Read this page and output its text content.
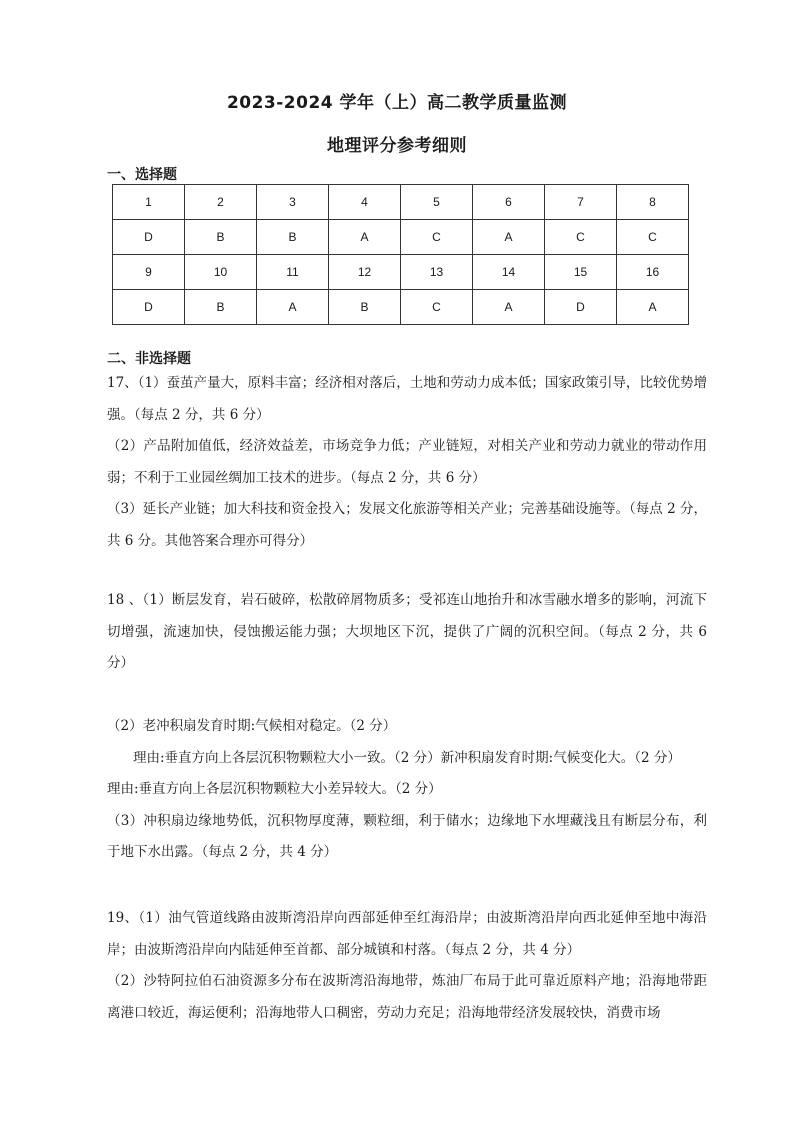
2023-2024 学年（上）高二教学质量监测
地理评分参考细则
一、选择题
1	2	3	4	5	6	7	8
D	B	B	A	C	A	C	C
9	10	11	12	13	14	15	16
D	B	A	B	C	A	D	A
二、非选择题

17、（1）蚕茧产量大，原料丰富；经济相对落后，土地和劳动力成本低；国家政策引导，比较优势增强。（每点 2 分，共 6 分）

（2）产品附加值低，经济效益差，市场竞争力低；产业链短，对相关产业和劳动力就业的带动作用弱；不利于工业园丝绸加工技术的进步。（每点 2 分，共 6 分）

（3）延长产业链；加大科技和资金投入；发展文化旅游等相关产业；完善基础设施等。（每点 2 分，共 6 分。其他答案合理亦可得分）

18 、（1）断层发育，岩石破碎，松散碎屑物质多；受祁连山地抬升和冰雪融水增多的影响，河流下切增强，流速加快，侵蚀搬运能力强；大坝地区下沉，提供了广阔的沉积空间。（每点 2 分，共 6 分）

（2）老冲积扇发育时期:气候相对稳定。（2 分）

理由:垂直方向上各层沉积物颗粒大小一致。（2 分）新冲积扇发育时期:气候变化大。（2 分）

理由:垂直方向上各层沉积物颗粒大小差异较大。（2 分）

（3）冲积扇边缘地势低，沉积物厚度薄，颗粒细，利于储水；边缘地下水埋藏浅且有断层分布，利于地下水出露。（每点 2 分，共 4 分）

19、（1）油气管道线路由波斯湾沿岸向西部延伸至红海沿岸；由波斯湾沿岸向西北延伸至地中海沿岸；由波斯湾沿岸向内陆延伸至首都、部分城镇和村落。（每点 2 分，共 4 分）

（2）沙特阿拉伯石油资源多分布在波斯湾沿海地带，炼油厂布局于此可靠近原料产地；沿海地带距离港口较近，海运便利；沿海地带人口稠密，劳动力充足；沿海地带经济发展较快，消费市场
